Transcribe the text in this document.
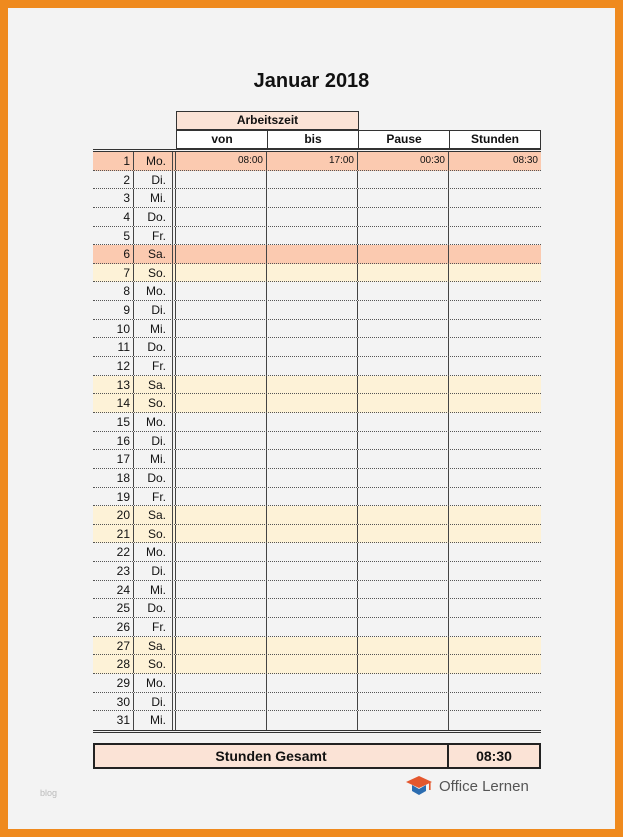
Januar 2018
Arbeitszeit
von	bis	Pause	Stunden
1	Mo.	08:00	17:00	00:30	08:30
2	Di.
3	Mi.
4	Do.
5	Fr.
6	Sa.
7	So.
8	Mo.
9	Di.
10	Mi.
11	Do.
12	Fr.
13	Sa.
14	So.
15	Mo.
16	Di.
17	Mi.
18	Do.
19	Fr.
20	Sa.
21	So.
22	Mo.
23	Di.
24	Mi.
25	Do.
26	Fr.
27	Sa.
28	So.
29	Mo.
30	Di.
31	Mi.
Stunden Gesamt	08:30
Office Lernen
blog
